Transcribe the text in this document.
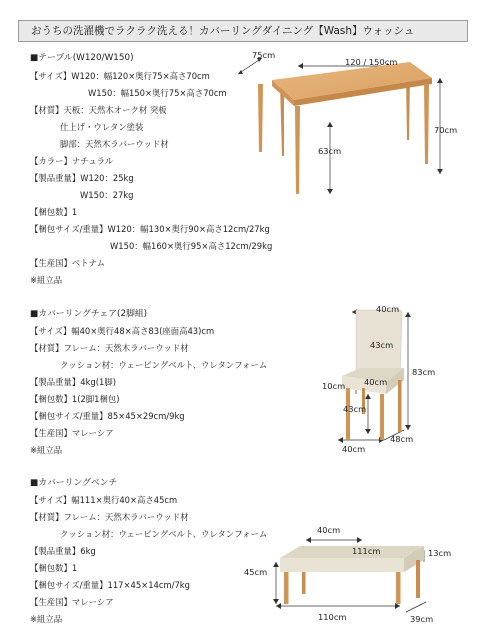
おうちの洗濯機でラクラク洗える！カバーリングダイニング【Wash】ウォッシュ
■テーブル(W120/W150)
【サイズ】W120：幅120×奥行75×高さ70cm
W150：幅150×奥行75×高さ70cm
【材質】天板：天然木オーク材 突板
仕上げ・ウレタン塗装
脚部：天然木ラバーウッド材
【カラー】ナチュラル
【製品重量】W120：25kg
W150：27kg
【梱包数】1
【梱包サイズ/重量】W120：幅130×奥行90×高さ12cm/27kg
W150：幅160×奥行95×高さ12cm/29kg
【生産国】ベトナム
※組立品
■カバーリングチェア(2脚組)
【サイズ】幅40×奥行48×高さ83(座面高43)cm
【材質】フレーム：天然木ラバーウッド材
クッション材：ウェービングベルト、ウレタンフォーム
【製品重量】4kg(1脚)
【梱包数】1(2脚1梱包)
【梱包サイズ/重量】85×45×29cm/9kg
【生産国】マレーシア
※組立品
■カバーリングベンチ
【サイズ】幅111×奥行40×高さ45cm
【材質】フレーム：天然木ラバーウッド材
クッション材：ウェービングベルト、ウレタンフォーム
【製品重量】6kg
【梱包数】1
【梱包サイズ/重量】117×45×14cm/7kg
【生産国】マレーシア
※組立品
75cm
120 / 150cm
70cm
63cm
40cm
43cm
83cm
40cm
10cm
43cm
48cm
40cm
40cm
111cm	13cm
45cm
110cm	39cm
